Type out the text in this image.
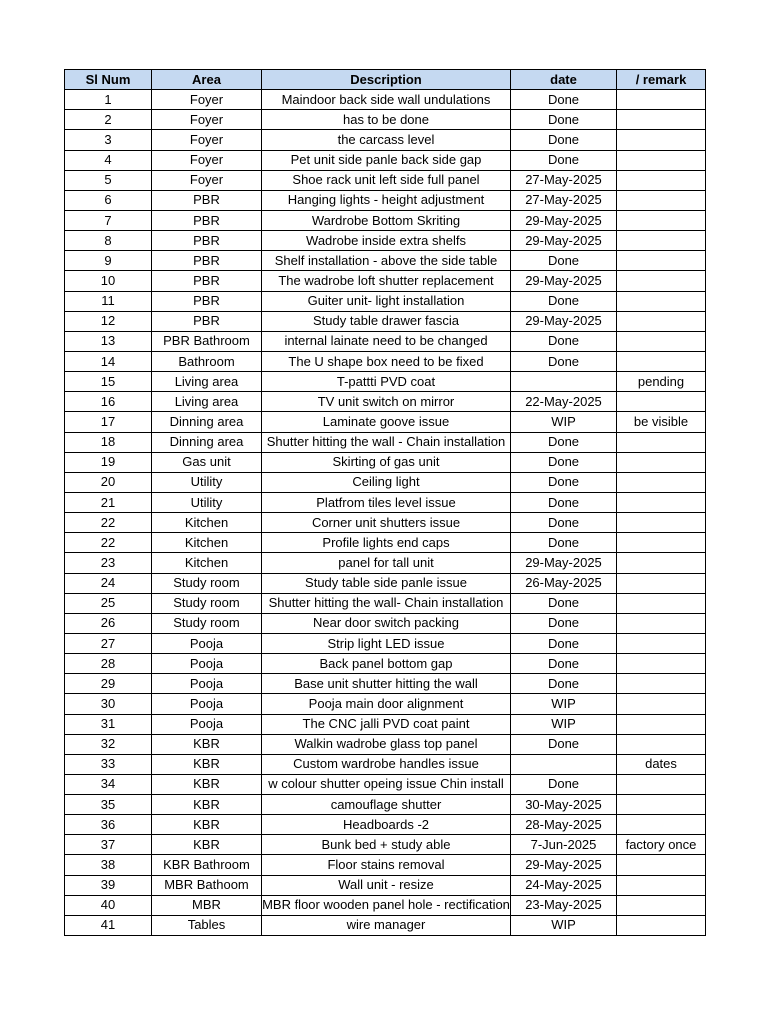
Sl Num	Area	Description	date	/ remark
1	Foyer	Maindoor back side wall undulations	Done	
2	Foyer	has to be done	Done	
3	Foyer	the carcass level	Done	
4	Foyer	Pet unit side panle back side gap	Done	
5	Foyer	Shoe rack unit left side full panel	27-May-2025	
6	PBR	Hanging lights - height adjustment	27-May-2025	
7	PBR	Wardrobe Bottom Skriting	29-May-2025	
8	PBR	Wadrobe inside extra shelfs	29-May-2025	
9	PBR	Shelf installation - above the side table	Done	
10	PBR	The wadrobe loft shutter replacement	29-May-2025	
11	PBR	Guiter unit- light installation	Done	
12	PBR	Study table drawer fascia	29-May-2025	
13	PBR Bathroom	internal lainate need to be changed	Done	
14	Bathroom	The U shape box need to be fixed	Done	
15	Living area	T-pattti PVD coat		pending
16	Living area	TV unit switch on mirror	22-May-2025	
17	Dinning area	Laminate goove issue	WIP	be visible
18	Dinning area	Shutter hitting the wall - Chain installation	Done	
19	Gas unit	Skirting of gas unit	Done	
20	Utility	Ceiling light	Done	
21	Utility	Platfrom tiles level issue	Done	
22	Kitchen	Corner unit shutters issue	Done	
22	Kitchen	Profile lights end caps	Done	
23	Kitchen	panel for tall unit	29-May-2025	
24	Study room	Study table side panle issue	26-May-2025	
25	Study room	Shutter hitting the wall- Chain installation	Done	
26	Study room	Near door switch packing	Done	
27	Pooja	Strip light LED issue	Done	
28	Pooja	Back panel bottom gap	Done	
29	Pooja	Base unit shutter hitting the wall	Done	
30	Pooja	Pooja main door alignment	WIP	
31	Pooja	The CNC jalli PVD coat paint	WIP	
32	KBR	Walkin wadrobe glass top panel	Done	
33	KBR	Custom wardrobe handles issue		dates
34	KBR	w colour shutter opeing issue Chin install	Done	
35	KBR	camouflage shutter	30-May-2025	
36	KBR	Headboards -2	28-May-2025	
37	KBR	Bunk bed + study able	7-Jun-2025	factory once
38	KBR Bathroom	Floor stains removal	29-May-2025	
39	MBR Bathoom	Wall unit - resize	24-May-2025	
40	MBR	MBR floor wooden panel hole - rectification	23-May-2025	
41	Tables	wire manager	WIP	
